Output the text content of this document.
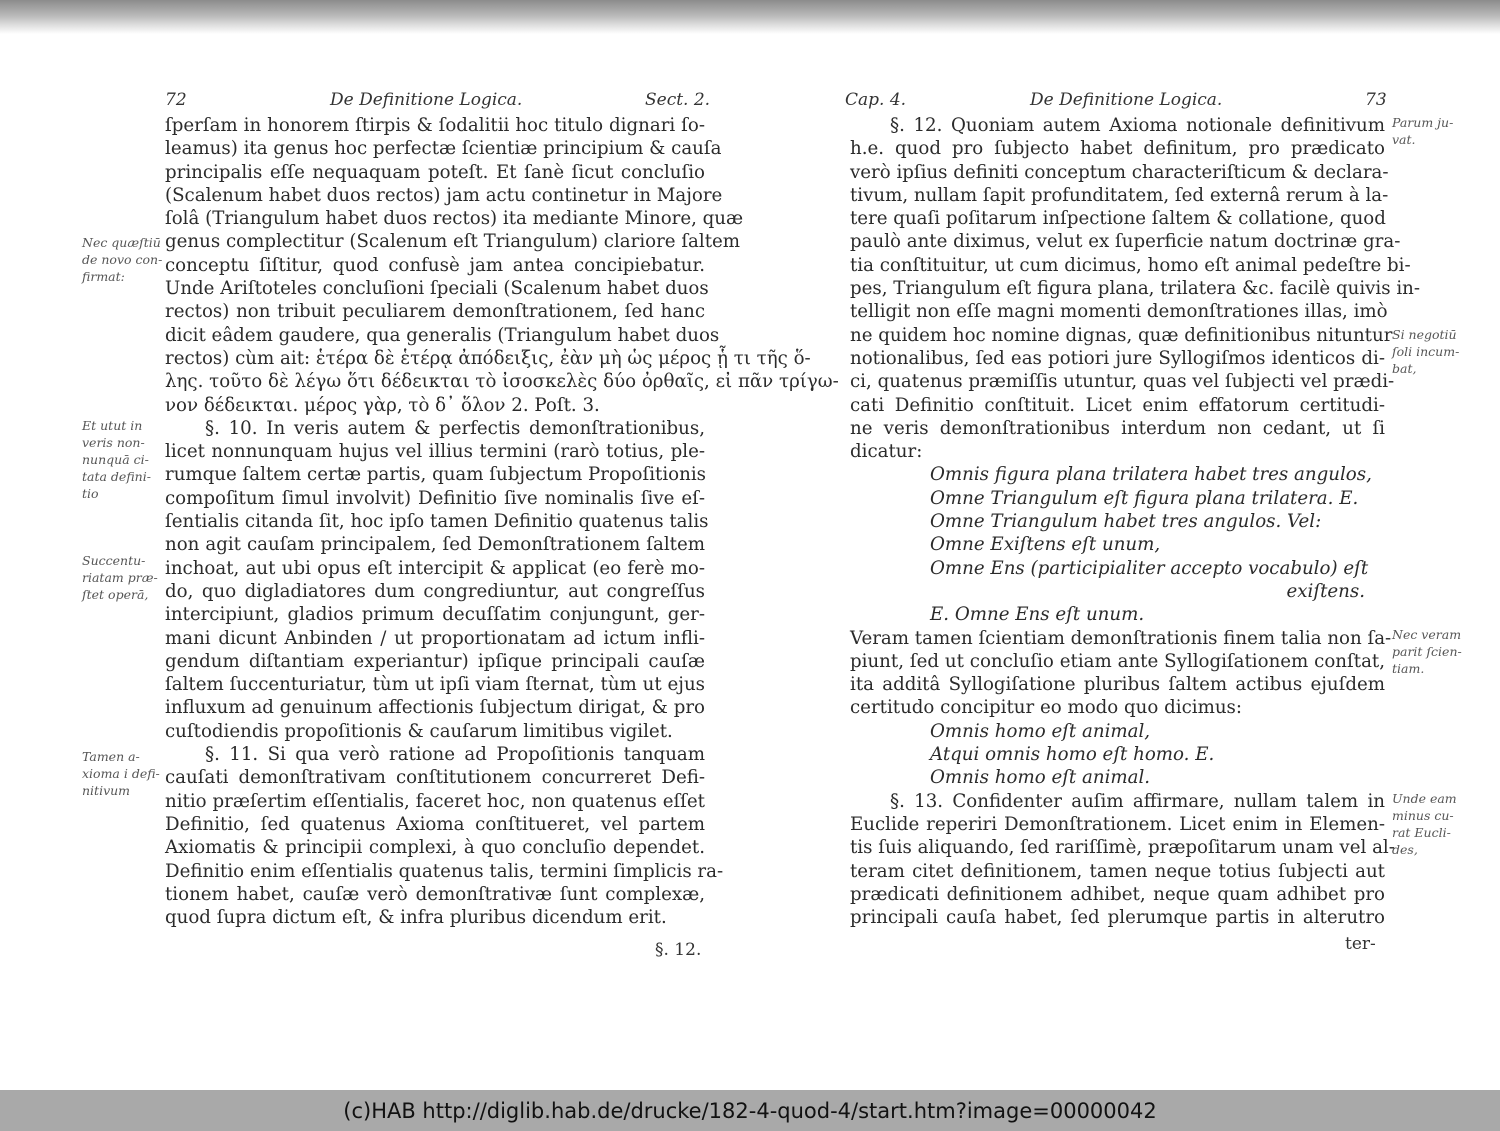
72	De Definitione Logica.	Sect. 2.
Nec quæſtiū
de novo con-
firmat:
Et utut in
veris non-
nunquā ci-
tata defini-
tio
Succentu-
riatam præ-
ſtet operā,
Tamen a-
xioma i defi-
nitivum
ſperſam in honorem ſtirpis & ſodalitii hoc titulo dignari ſo-
leamus) ita genus hoc perfectæ ſcientiæ principium & cauſa
principalis eſſe nequaquam poteſt. Et ſanè ſicut concluſio
(Scalenum habet duos rectos) jam actu continetur in Majore
ſolâ (Triangulum habet duos rectos) ita mediante Minore, quæ
genus complectitur (Scalenum eſt Triangulum) clariore ſaltem
conceptu ſiſtitur, quod confusè jam antea concipiebatur.
Unde Ariſtoteles concluſioni ſpeciali (Scalenum habet duos
rectos) non tribuit peculiarem demonſtrationem, ſed hanc
dicit eâdem gaudere, qua generalis (Triangulum habet duos
rectos) cùm ait: ἑτέρα δὲ ἑτέρᾳ ἀπόδειξις, ἐὰν μὴ ὡς μέρος ᾗ τι τῆς ὅ-
λης. τοῦτο δὲ λέγω ὅτι δέδεικται τὸ ἰσοσκελὲς δύο ὀρθαῖς, εἰ πᾶν τρίγω-
νον δέδεικται. μέρος γὰρ, τὸ δ᾽ ὅλον 2. Poſt. 3.
§. 10. In veris autem & perfectis demonſtrationibus,
licet nonnunquam hujus vel illius termini (rarò totius, ple-
rumque ſaltem certæ partis, quam ſubjectum Propoſitionis
compoſitum ſimul involvit) Definitio ſive nominalis ſive eſ-
ſentialis citanda ſit, hoc ipſo tamen Definitio quatenus talis
non agit cauſam principalem, ſed Demonſtrationem ſaltem
inchoat, aut ubi opus eſt intercipit & applicat (eo ferè mo-
do, quo digladiatores dum congrediuntur, aut congreſſus
intercipiunt, gladios primum decuſſatim conjungunt, ger-
mani dicunt Anbinden / ut proportionatam ad ictum infli-
gendum diſtantiam experiantur) ipſique principali cauſæ
ſaltem ſuccenturiatur, tùm ut ipſi viam ſternat, tùm ut ejus
influxum ad genuinum affectionis ſubjectum dirigat, & pro
cuſtodiendis propoſitionis & cauſarum limitibus vigilet.
§. 11. Si qua verò ratione ad Propoſitionis tanquam
cauſati demonſtrativam conſtitutionem concurreret Defi-
nitio præſertim eſſentialis, faceret hoc, non quatenus eſſet
Definitio, ſed quatenus Axioma conſtitueret, vel partem
Axiomatis & principii complexi, à quo concluſio dependet.
Definitio enim eſſentialis quatenus talis, termini ſimplicis ra-
tionem habet, cauſæ verò demonſtrativæ ſunt complexæ,
quod ſupra dictum eſt, & infra pluribus dicendum erit.
§. 12.
Cap. 4.	De Definitione Logica.	73
Parum ju-
vat.
Si negotiū
ſoli incum-
bat,
Nec veram
parit ſcien-
tiam.
Unde eam
minus cu-
rat Eucli-
des,
§. 12. Quoniam autem Axioma notionale definitivum
h.e. quod pro ſubjecto habet definitum, pro prædicato
verò ipſius definiti conceptum characteriſticum & declara-
tivum, nullam ſapit profunditatem, ſed externâ rerum à la-
tere quaſi poſitarum inſpectione ſaltem & collatione, quod
paulò ante diximus, velut ex ſuperficie natum doctrinæ gra-
tia conſtituitur, ut cum dicimus, homo eſt animal pedeſtre bi-
pes, Triangulum eſt figura plana, trilatera &c. facilè quivis in-
telligit non eſſe magni momenti demonſtrationes illas, imò
ne quidem hoc nomine dignas, quæ definitionibus nituntur
notionalibus, ſed eas potiori jure Syllogiſmos identicos di-
ci, quatenus præmiſſis utuntur, quas vel ſubjecti vel prædi-
cati Definitio conſtituit. Licet enim effatorum certitudi-
ne veris demonſtrationibus interdum non cedant, ut ſi
dicatur:
Omnis figura plana trilatera habet tres angulos,
Omne Triangulum eſt figura plana trilatera. E.
Omne Triangulum habet tres angulos. Vel:
Omne Exiſtens eſt unum,
Omne Ens (participialiter accepto vocabulo) eſt
exiſtens.
E. Omne Ens eſt unum.
Veram tamen ſcientiam demonſtrationis finem talia non ſa-
piunt, ſed ut concluſio etiam ante Syllogiſationem conſtat,
ita additâ Syllogiſatione pluribus ſaltem actibus ejuſdem
certitudo concipitur eo modo quo dicimus:
Omnis homo eſt animal,
Atqui omnis homo eſt homo. E.
Omnis homo eſt animal.
§. 13. Confidenter auſim affirmare, nullam talem in
Euclide reperiri Demonſtrationem. Licet enim in Elemen-
tis ſuis aliquando, ſed rariſſimè, præpoſitarum unam vel al-
teram citet definitionem, tamen neque totius ſubjecti aut
prædicati definitionem adhibet, neque quam adhibet pro
principali cauſa habet, ſed plerumque partis in alterutro
ter-
(c)HAB http://diglib.hab.de/drucke/182-4-quod-4/start.htm?image=00000042
